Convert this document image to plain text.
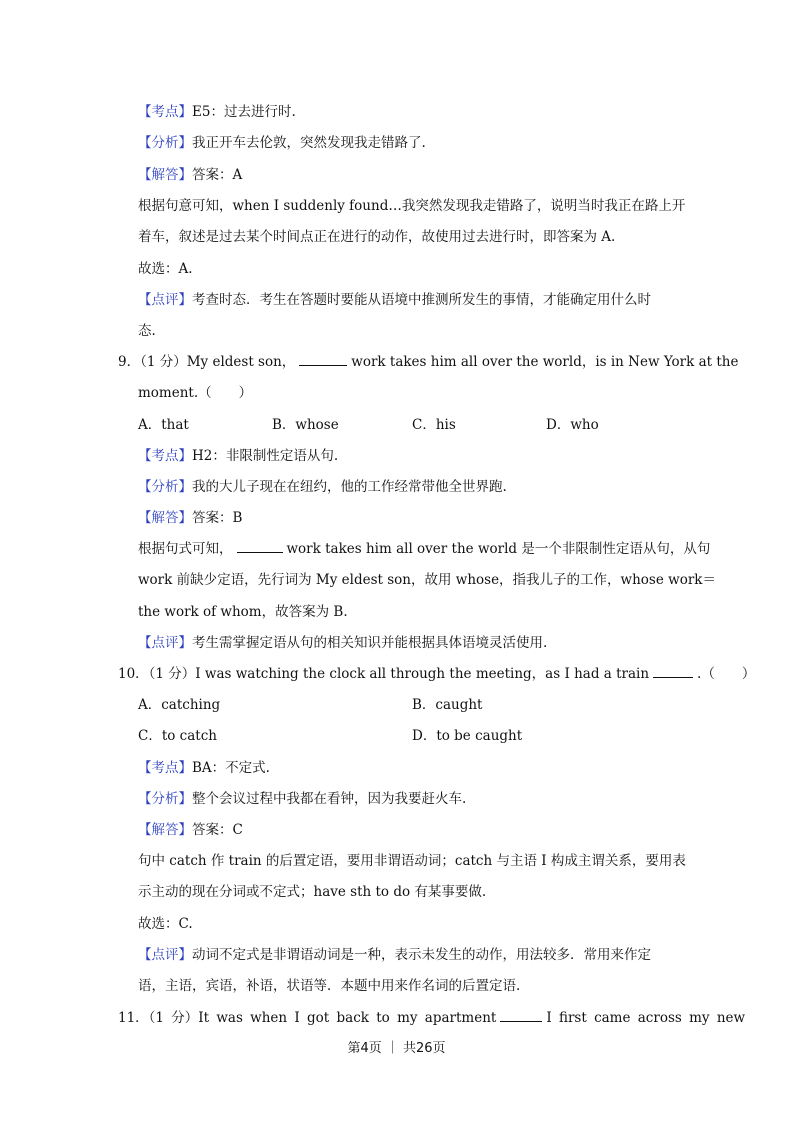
【考点】E5：过去进行时.
【分析】我正开车去伦敦，突然发现我走错路了.
【解答】答案：A
根据句意可知，when I suddenly found…我突然发现我走错路了，说明当时我正在路上开
着车，叙述是过去某个时间点正在进行的动作，故使用过去进行时，即答案为 A.
故选：A.
【点评】考查时态．考生在答题时要能从语境中推测所发生的事情，才能确定用什么时
态.
9．（1 分）My eldest son，	work takes him all over the world，is in New York at the
moment.（　　）
A．that	B．whose	C．his	D．who
【考点】H2：非限制性定语从句.
【分析】我的大儿子现在在纽约，他的工作经常带他全世界跑.
【解答】答案：B
根据句式可知，	work takes him all over the world 是一个非限制性定语从句，从句
work 前缺少定语，先行词为 My eldest son，故用 whose，指我儿子的工作，whose work＝
the work of whom，故答案为 B.
【点评】考生需掌握定语从句的相关知识并能根据具体语境灵活使用.
10．（1 分）I was watching the clock all through the meeting，as I had a train	.（　　）
A．catching	B．caught
C．to catch	D．to be caught
【考点】BA：不定式.
【分析】整个会议过程中我都在看钟，因为我要赶火车.
【解答】答案：C
句中 catch 作 train 的后置定语，要用非谓语动词；catch 与主语 I 构成主谓关系，要用表
示主动的现在分词或不定式；have sth to do 有某事要做.
故选：C.
【点评】动词不定式是非谓语动词是一种，表示未发生的动作，用法较多．常用来作定
语，主语，宾语，补语，状语等．本题中用来作名词的后置定语.
11．（1 分）It was when I got back to my apartment	I first came across my new
第4页 ｜ 共26页
